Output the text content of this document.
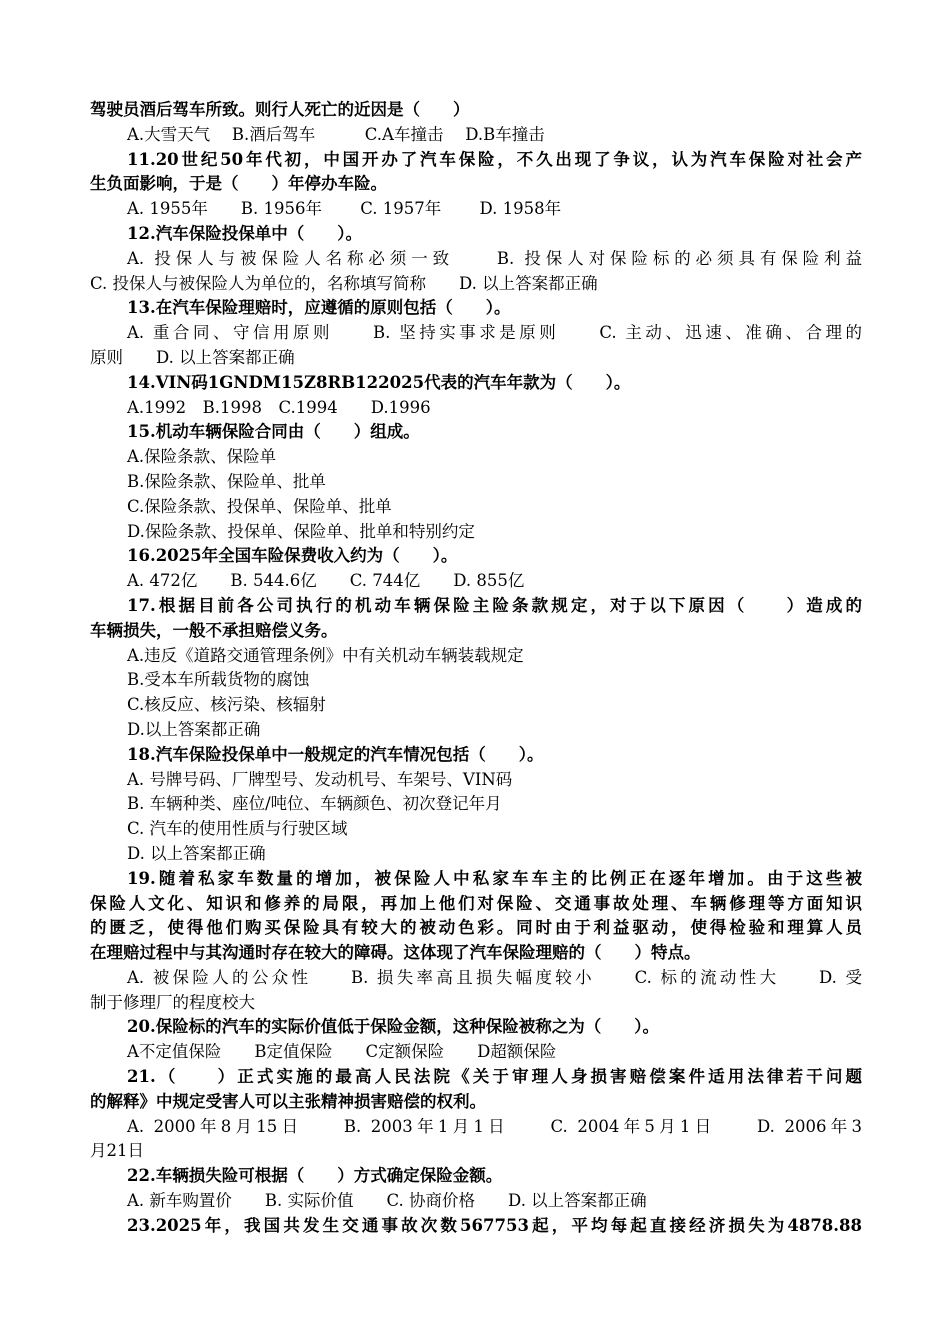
驾驶员酒后驾车所致。则行人死亡的近因是（　　）
A.大雪天气　 B.酒后驾车　　　C.A车撞击　 D.B车撞击
11.20世纪50年代初，中国开办了汽车保险，不久出现了争议，认为汽车保险对社会产
生负面影响，于是（　　）年停办车险。
A. 1955年　　B. 1956年　　 C. 1957年　　 D. 1958年
12.汽车保险投保单中（　　）。
A. 投保人与被保险人名称必须一致　　B. 投保人对保险标的必须具有保险利益
C. 投保人与被保险人为单位的，名称填写简称　　D. 以上答案都正确
13.在汽车保险理赔时，应遵循的原则包括（　　）。
A. 重合同、守信用原则　　B. 坚持实事求是原则　　C. 主动、迅速、准确、合理的
原则　　D. 以上答案都正确
14.VIN码1GNDM15Z8RB122025代表的汽车年款为（　　）。
A.1992　B.1998　C.1994　　D.1996
15.机动车辆保险合同由（　　）组成。
A.保险条款、保险单
B.保险条款、保险单、批单
C.保险条款、投保单、保险单、批单
D.保险条款、投保单、保险单、批单和特别约定
16.2025年全国车险保费收入约为（　　）。
A. 472亿　　B. 544.6亿　　C. 744亿　　D. 855亿
17.根据目前各公司执行的机动车辆保险主险条款规定，对于以下原因（　　）造成的
车辆损失，一般不承担赔偿义务。
A.违反《道路交通管理条例》中有关机动车辆装载规定
B.受本车所载货物的腐蚀
C.核反应、核污染、核辐射
D.以上答案都正确
18.汽车保险投保单中一般规定的汽车情况包括（　　）。
A. 号牌号码、厂牌型号、发动机号、车架号、VIN码
B. 车辆种类、座位/吨位、车辆颜色、初次登记年月
C. 汽车的使用性质与行驶区域
D. 以上答案都正确
19.随着私家车数量的增加，被保险人中私家车车主的比例正在逐年增加。由于这些被
保险人文化、知识和修养的局限，再加上他们对保险、交通事故处理、车辆修理等方面知识
的匮乏，使得他们购买保险具有较大的被动色彩。同时由于利益驱动，使得检验和理算人员
在理赔过程中与其沟通时存在较大的障碍。这体现了汽车保险理赔的（　　）特点。
A. 被保险人的公众性　　B. 损失率高且损失幅度较小　　C. 标的流动性大　　D. 受
制于修理厂的程度校大
20.保险标的汽车的实际价值低于保险金额，这种保险被称之为（　　）。
A不定值保险　　B定值保险　　C定额保险　　D超额保险
21.（　　）正式实施的最高人民法院《关于审理人身损害赔偿案件适用法律若干问题
的解释》中规定受害人可以主张精神损害赔偿的权利。
A. 2000年8月15日　　B. 2003年1月1日　　C. 2004年5月1日　　D. 2006年3
月21日
22.车辆损失险可根据（　　）方式确定保险金额。
A. 新车购置价　　B. 实际价值　　C. 协商价格　　D. 以上答案都正确
23.2025年，我国共发生交通事故次数567753起，平均每起直接经济损失为4878.88
